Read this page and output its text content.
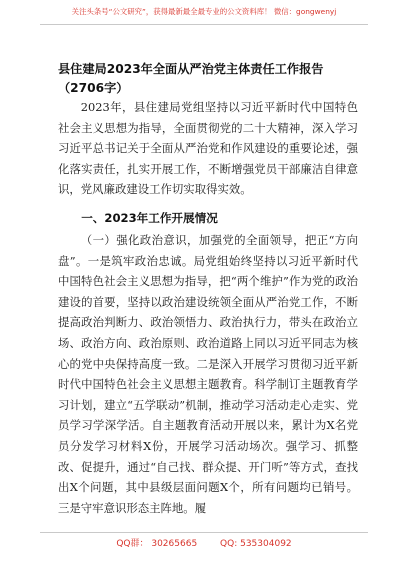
关注头条号“公文研究”，获得最新最全最专业的公文资料库！ 微信：gongwenyj
县住建局2023年全面从严治党主体责任工作报告（2706字）

2023年，县住建局党组坚持以习近平新时代中国特色社会主义思想为指导，全面贯彻党的二十大精神，深入学习习近平总书记关于全面从严治党和作风建设的重要论述，强化落实责任，扎实开展工作，不断增强党员干部廉洁自律意识，党风廉政建设工作切实取得实效。

一、2023年工作开展情况

（一）强化政治意识，加强党的全面领导，把正“方向盘”。一是筑牢政治忠诚。局党组始终坚持以习近平新时代中国特色社会主义思想为指导，把“两个维护”作为党的政治建设的首要，坚持以政治建设统领全面从严治党工作，不断提高政治判断力、政治领悟力、政治执行力，带头在政治立场、政治方向、政治原则、政治道路上同以习近平同志为核心的党中央保持高度一致。二是深入开展学习贯彻习近平新时代中国特色社会主义思想主题教育。科学制订主题教育学习计划，建立“五学联动”机制，推动学习活动走心走实、党员学习学深学活。自主题教育活动开展以来，累计为X名党员分发学习材料X份，开展学习活动场次。强学习、抓整改、促提升，通过“自己找、群众提、开门听”等方式，查找出X个问题，其中县级层面问题X个，所有问题均已销号。三是守牢意识形态主阵地。履

QQ群： 30265665	QQ: 535304092
